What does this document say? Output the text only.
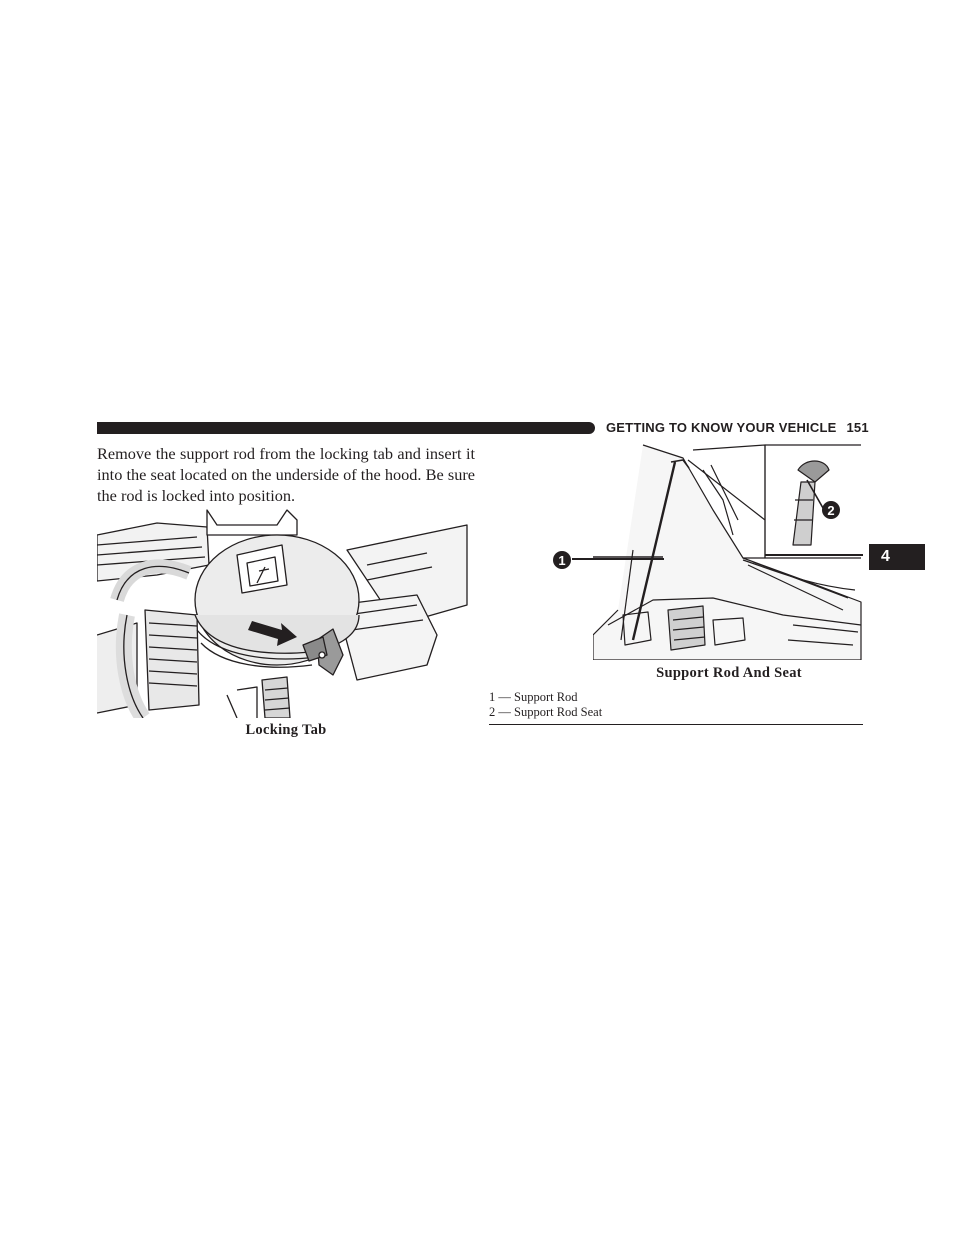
GETTING TO KNOW YOUR VEHICLE 151
4

Remove the support rod from the locking tab and insert it into the seat located on the underside of the hood. Be sure the rod is locked into position.

Locking Tab
2
1
Support Rod And Seat
1 — Support Rod
2 — Support Rod Seat
